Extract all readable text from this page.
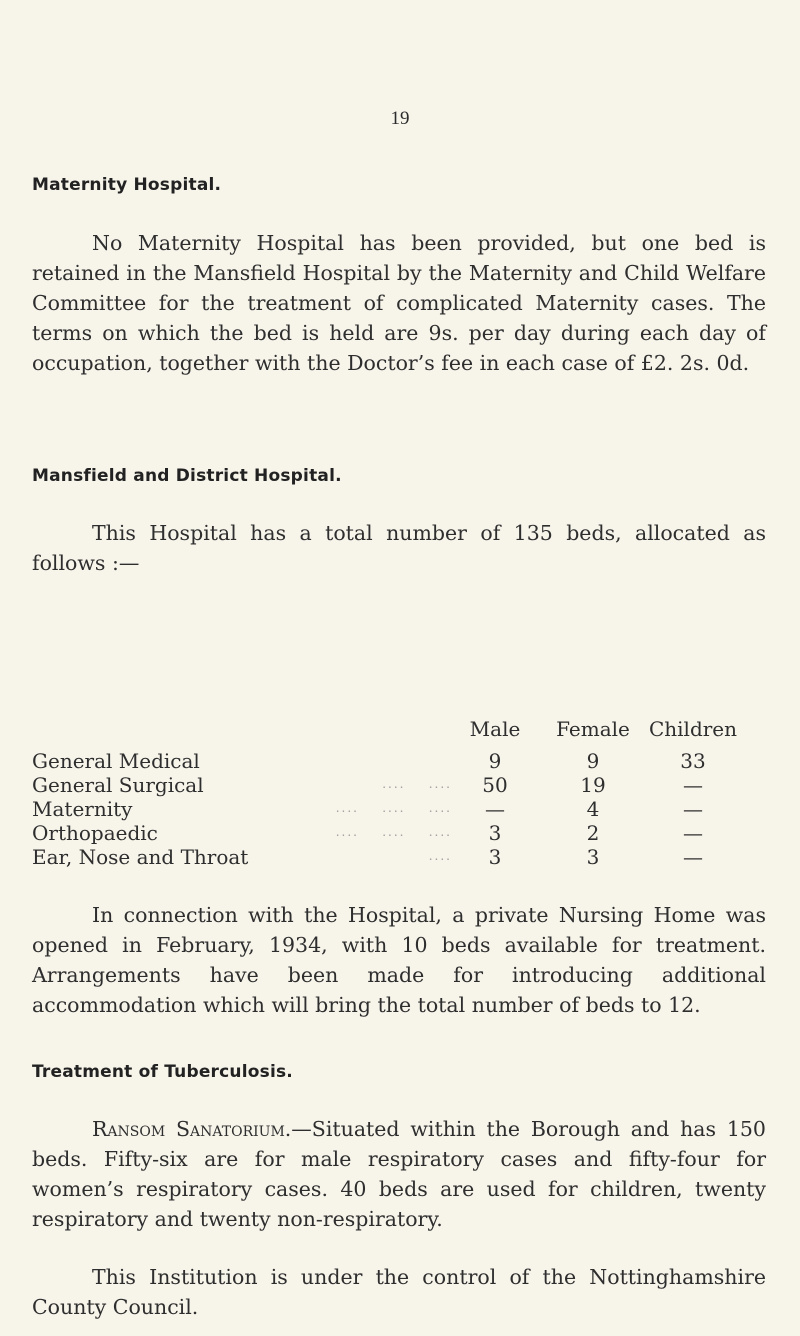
19
Maternity Hospital.
No Maternity Hospital has been provided, but one bed is retained in the Mansfield Hospital by the Maternity and Child Welfare Committee for the treatment of complicated Maternity cases. The terms on which the bed is held are 9s. per day during each day of occupation, together with the Doctor’s fee in each case of £2. 2s. 0d.
Mansfield and District Hospital.
This Hospital has a total number of 135 beds, allocated as follows :—
	Male	Female	Children
General Medical	9	9	33
General Surgical ....    ....	50	19	—
Maternity ....    ....    ....	—	4	—
Orthopaedic ....    ....    ....	3	2	—
Ear, Nose and Throat ....	3	3	—
In connection with the Hospital, a private Nursing Home was opened in February, 1934, with 10 beds available for treatment. Arrangements have been made for introducing additional accommodation which will bring the total number of beds to 12.
Treatment of Tuberculosis.
Ransom Sanatorium.—Situated within the Borough and has 150 beds. Fifty-six are for male respiratory cases and fifty-four for women’s respiratory cases. 40 beds are used for children, twenty respiratory and twenty non-respiratory.
This Institution is under the control of the Nottinghamshire County Council.
